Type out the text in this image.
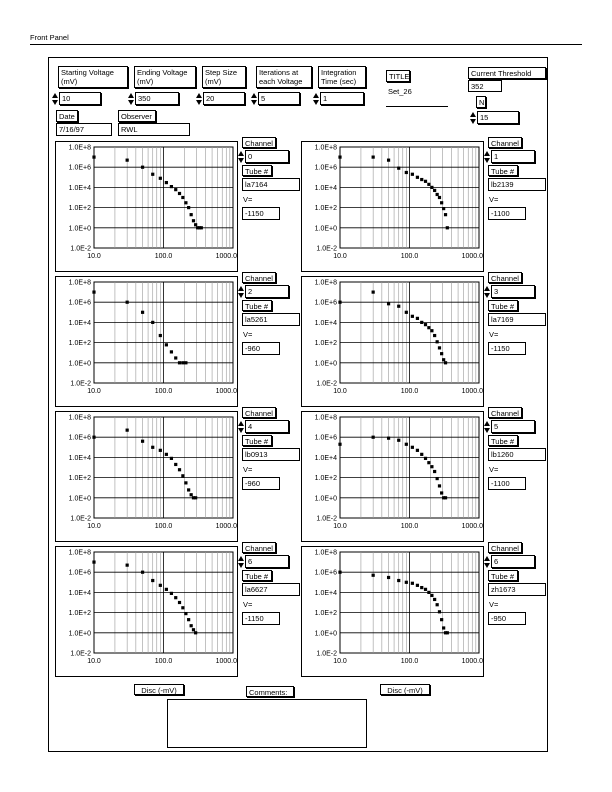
Front Panel
Starting Voltage
(mV)
10
Ending Voltage
(mV)
350
Step Size
(mV)
20
Iterations at
each Voltage
5
Integration
Time (sec)
1
TITLE
Set_26
Current Threshold
352
N
15
Date
7/16/97
Observer
RWL
1.0E+8
1.0E+6
1.0E+4
1.0E+2
1.0E+0
1.0E-2
10.0	100.0	1000.0
1.0E+8
1.0E+6
1.0E+4
1.0E+2
1.0E+0
1.0E-2
10.0	100.0	1000.0
1.0E+8
1.0E+6
1.0E+4
1.0E+2
1.0E+0
1.0E-2
10.0	100.0	1000.0
1.0E+8
1.0E+6
1.0E+4
1.0E+2
1.0E+0
1.0E-2
10.0	100.0	1000.0
1.0E+8
1.0E+6
1.0E+4
1.0E+2
1.0E+0
1.0E-2
10.0	100.0	1000.0
1.0E+8
1.0E+6
1.0E+4
1.0E+2
1.0E+0
1.0E-2
10.0	100.0	1000.0
1.0E+8
1.0E+6
1.0E+4
1.0E+2
1.0E+0
1.0E-2
10.0	100.0	1000.0
1.0E+8
1.0E+6
1.0E+4
1.0E+2
1.0E+0
1.0E-2
10.0	100.0	1000.0
Channel
0
Tube #
la7164
V=
-1150
Channel
1
Tube #
lb2139
V=
-1100
Channel
2
Tube #
la5261
V=
-960
Channel
3
Tube #
la7169
V=
-1150
Channel
4
Tube #
lb0913
V=
-960
Channel
5
Tube #
lb1260
V=
-1100
Channel
6
Tube #
la6627
V=
-1150
Channel
6
Tube #
zh1673
V=
-950
Disc (-mV)	Disc (-mV)
Comments:
